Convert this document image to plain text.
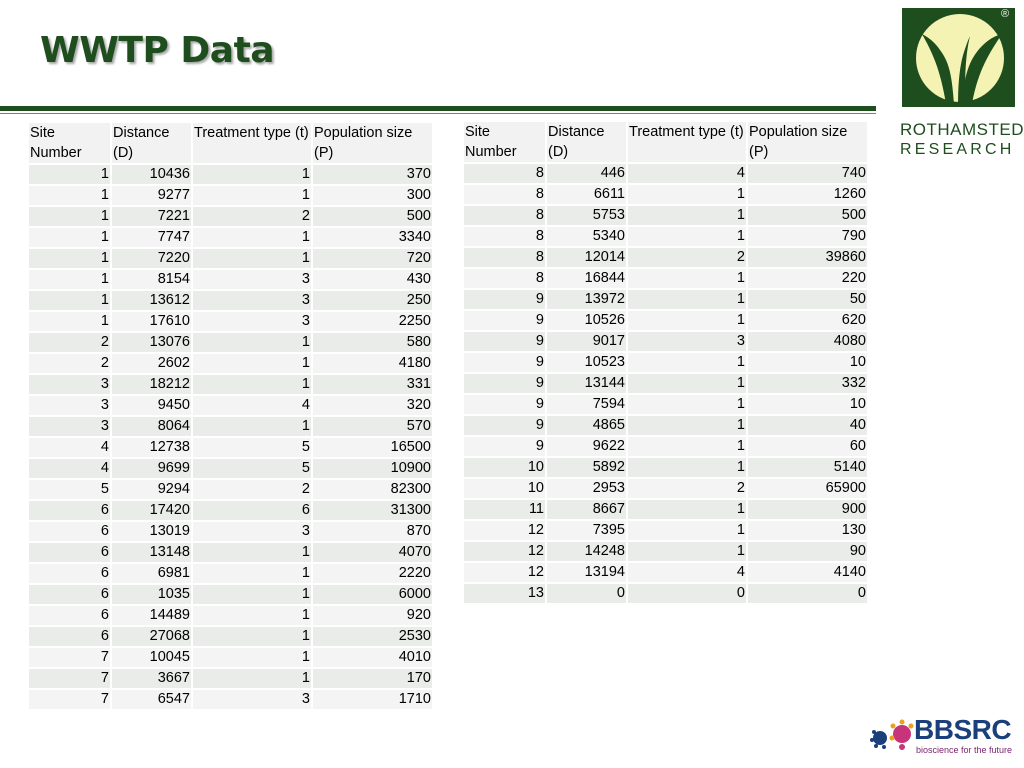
WWTP Data
®
ROTHAMSTED
RESEARCH
Site Number	Distance (D)	Treatment type (t)	Population size (P)

1	10436	1	370
1	9277	1	300
1	7221	2	500
1	7747	1	3340
1	7220	1	720
1	8154	3	430
1	13612	3	250
1	17610	3	2250
2	13076	1	580
2	2602	1	4180
3	18212	1	331
3	9450	4	320
3	8064	1	570
4	12738	5	16500
4	9699	5	10900
5	9294	2	82300
6	17420	6	31300
6	13019	3	870
6	13148	1	4070
6	6981	1	2220
6	1035	1	6000
6	14489	1	920
6	27068	1	2530
7	10045	1	4010
7	3667	1	170
7	6547	3	1710
Site Number	Distance (D)	Treatment type (t)	Population size (P)

8	446	4	740
8	6611	1	1260
8	5753	1	500
8	5340	1	790
8	12014	2	39860
8	16844	1	220
9	13972	1	50
9	10526	1	620
9	9017	3	4080
9	10523	1	10
9	13144	1	332
9	7594	1	10
9	4865	1	40
9	9622	1	60
10	5892	1	5140
10	2953	2	65900
11	8667	1	900
12	7395	1	130
12	14248	1	90
12	13194	4	4140
13	0	0	0
BBSRC
bioscience for the future
